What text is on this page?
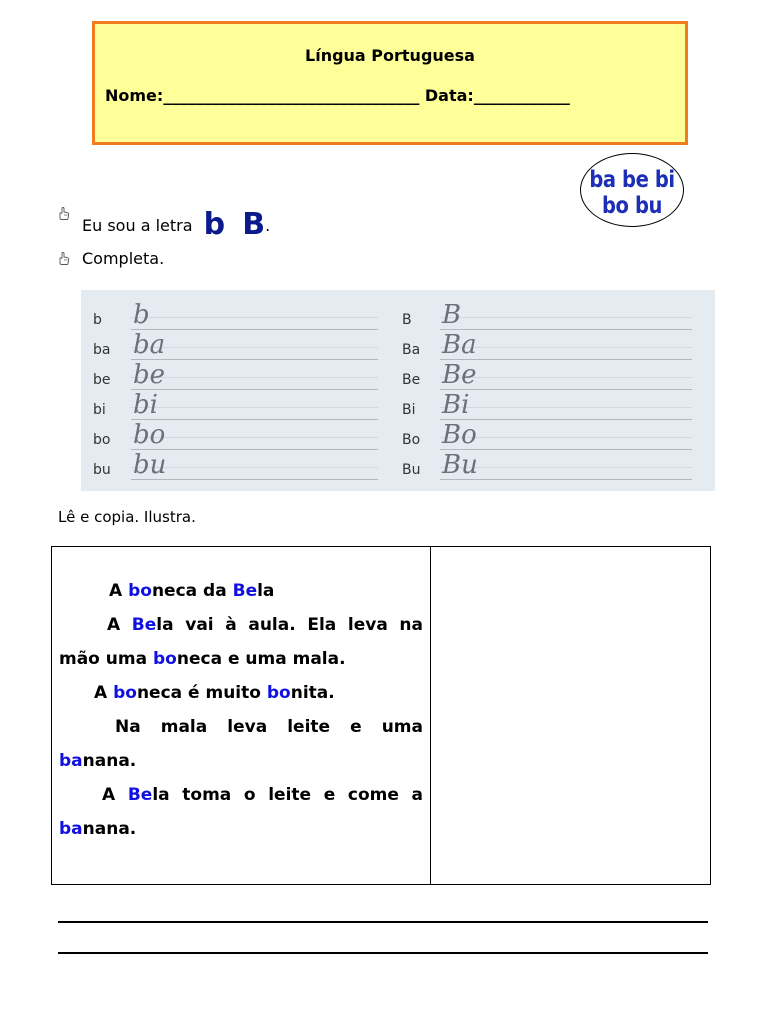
Língua Portuguesa
Nome:________________________________ Data:____________
ba be bi
bo bu
Eu sou a letra b B.
Completa.
b b
ba ba
be be
bi bi
bo bo
bu bu
B B
Ba Ba
Be Be
Bi Bi
Bo Bo
Bu Bu
Lê e copia. Ilustra.

A boneca da Bela

A Bela vai à aula. Ela leva na mão uma boneca e uma mala.

A boneca é muito bonita.

Na mala leva leite e uma banana.

A Bela toma o leite e come a banana.
